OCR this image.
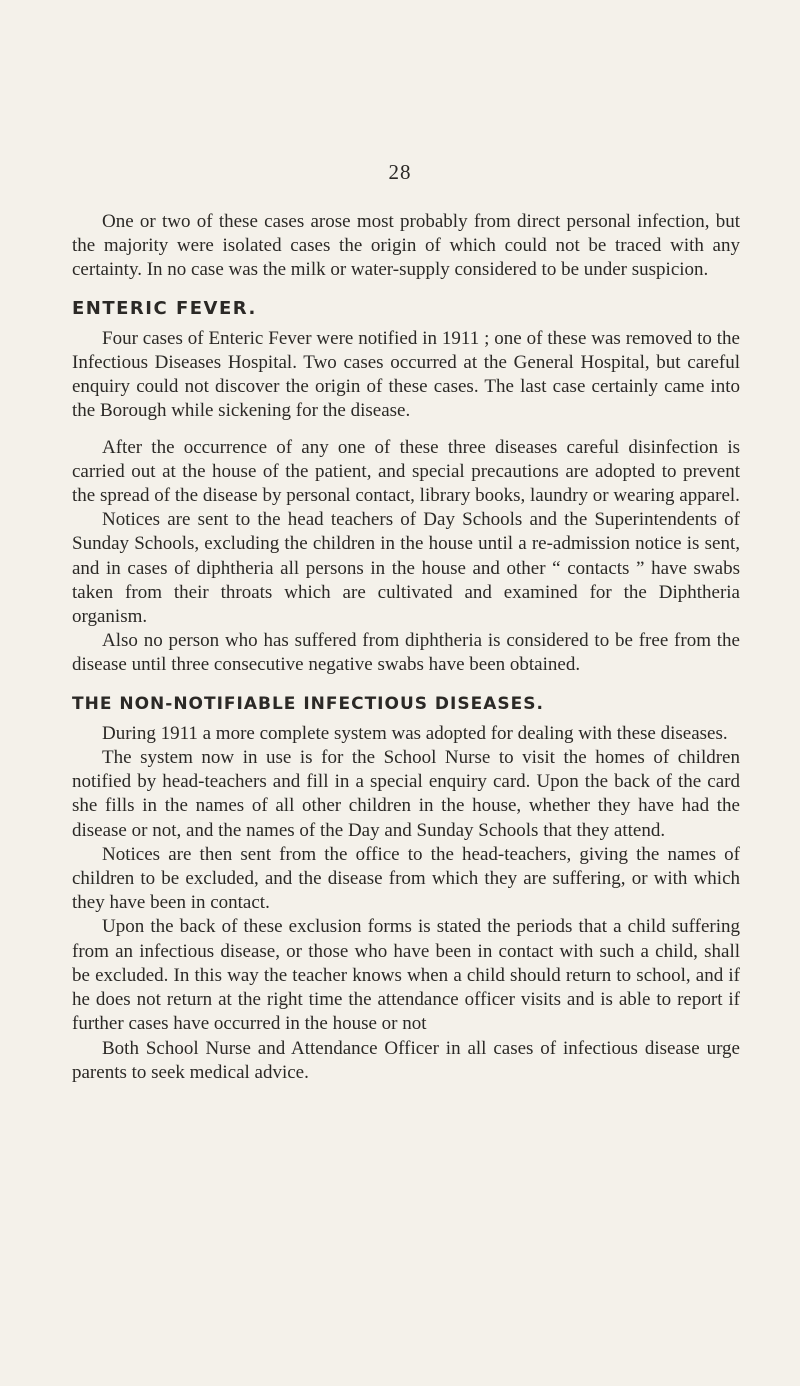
28

One or two of these cases arose most probably from direct personal infection, but the majority were isolated cases the origin of which could not be traced with any certainty. In no case was the milk or water-supply considered to be under suspicion.

ENTERIC FEVER.

Four cases of Enteric Fever were notified in 1911 ; one of these was removed to the Infectious Diseases Hospital. Two cases occurred at the General Hospital, but careful enquiry could not discover the origin of these cases. The last case certainly came into the Borough while sickening for the disease.

After the occurrence of any one of these three diseases careful disinfection is carried out at the house of the patient, and special precautions are adopted to prevent the spread of the disease by personal contact, library books, laundry or wearing apparel.

Notices are sent to the head teachers of Day Schools and the Superintendents of Sunday Schools, excluding the children in the house until a re-admission notice is sent, and in cases of diphtheria all persons in the house and other “ contacts ” have swabs taken from their throats which are cultivated and examined for the Diphtheria organism.

Also no person who has suffered from diphtheria is considered to be free from the disease until three consecutive negative swabs have been obtained.

THE NON-NOTIFIABLE INFECTIOUS DISEASES.

During 1911 a more complete system was adopted for dealing with these diseases.

The system now in use is for the School Nurse to visit the homes of children notified by head-teachers and fill in a special enquiry card. Upon the back of the card she fills in the names of all other children in the house, whether they have had the disease or not, and the names of the Day and Sunday Schools that they attend.

Notices are then sent from the office to the head-teachers, giving the names of children to be excluded, and the disease from which they are suffering, or with which they have been in contact.

Upon the back of these exclusion forms is stated the periods that a child suffering from an infectious disease, or those who have been in contact with such a child, shall be excluded. In this way the teacher knows when a child should return to school, and if he does not return at the right time the attendance officer visits and is able to report if further cases have occurred in the house or not

Both School Nurse and Attendance Officer in all cases of infectious disease urge parents to seek medical advice.
